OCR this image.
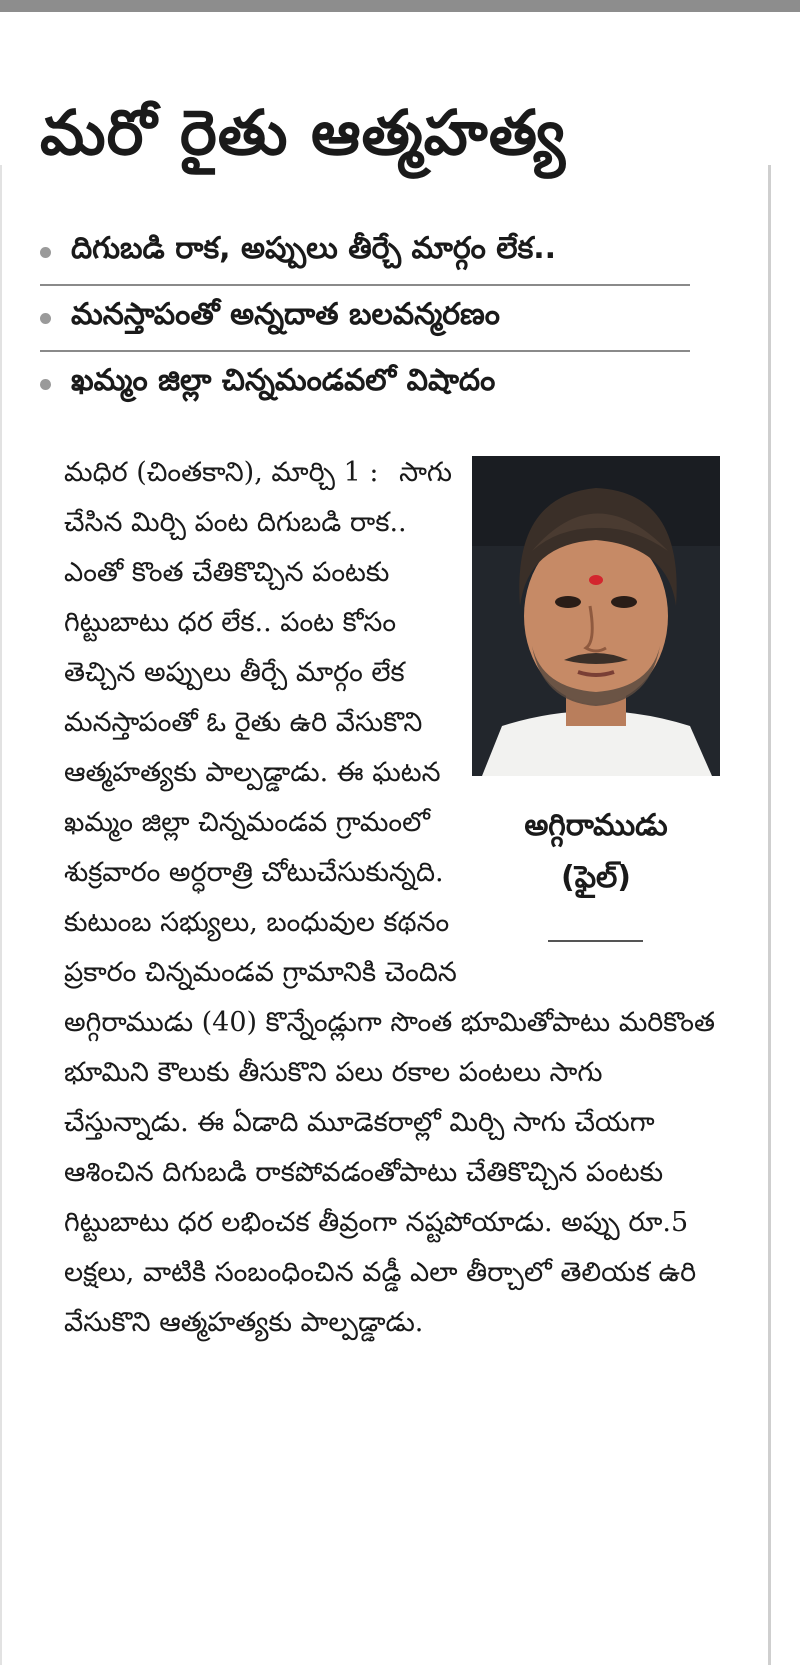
మరో రైతు ఆత్మహత్య
దిగుబడి రాక, అప్పులు తీర్చే మార్గం లేక..
మనస్తాపంతో అన్నదాత బలవన్మరణం
ఖమ్మం జిల్లా చిన్నమండవలో విషాదం
అగ్గిరాముడు
(ఫైల్)
మధిర (చింతకాని), మార్చి 1 : సాగు చేసిన మిర్చి పంట దిగుబడి రాక.. ఎంతో కొంత చేతికొచ్చిన పంటకు గిట్టుబాటు ధర లేక.. పంట కోసం తెచ్చిన అప్పులు తీర్చే మార్గం లేక మనస్తాపంతో ఓ రైతు ఉరి వేసుకొని ఆత్మహత్యకు పాల్పడ్డాడు. ఈ ఘటన ఖమ్మం జిల్లా చిన్నమండవ గ్రామంలో శుక్రవారం అర్ధరాత్రి చోటుచేసుకున్నది. కుటుంబ సభ్యులు, బంధువుల కథనం ప్రకారం చిన్నమండవ గ్రామానికి చెందిన అగ్గిరాముడు (40) కొన్నేండ్లుగా సొంత భూమితోపాటు మరికొంత భూమిని కౌలుకు తీసుకొని పలు రకాల పంటలు సాగు చేస్తున్నాడు. ఈ ఏడాది మూడెకరాల్లో మిర్చి సాగు చేయగా ఆశించిన దిగుబడి రాకపోవడంతోపాటు చేతికొచ్చిన పంటకు గిట్టుబాటు ధర లభించక తీవ్రంగా నష్టపోయాడు. అప్పు రూ.5 లక్షలు, వాటికి సంబంధించిన వడ్డీ ఎలా తీర్చాలో తెలియక ఉరి వేసుకొని ఆత్మహత్యకు పాల్పడ్డాడు.
